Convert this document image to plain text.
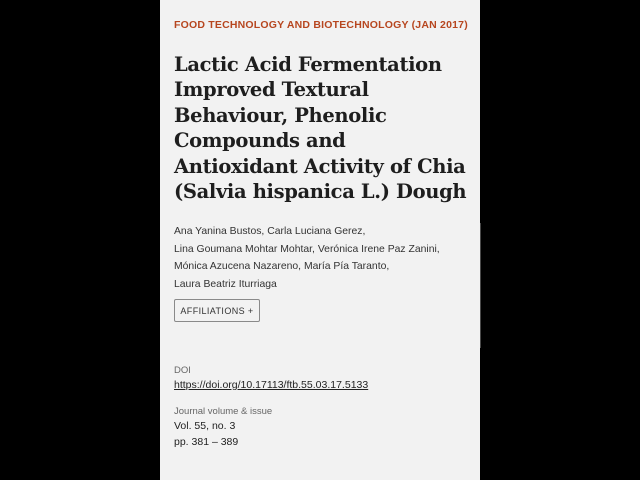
FOOD TECHNOLOGY AND BIOTECHNOLOGY (JAN 2017)
Lactic Acid Fermentation
Improved Textural
Behaviour, Phenolic
Compounds and
Antioxidant Activity of Chia
(Salvia hispanica L.) Dough
Ana Yanina Bustos, Carla Luciana Gerez,
Lina Goumana Mohtar Mohtar, Verónica Irene Paz Zanini,
Mónica Azucena Nazareno, María Pía Taranto,
Laura Beatriz Iturriaga
AFFILIATIONS +
DOI
https://doi.org/10.17113/ftb.55.03.17.5133
Journal volume & issue
Vol. 55, no. 3
pp. 381 – 389
